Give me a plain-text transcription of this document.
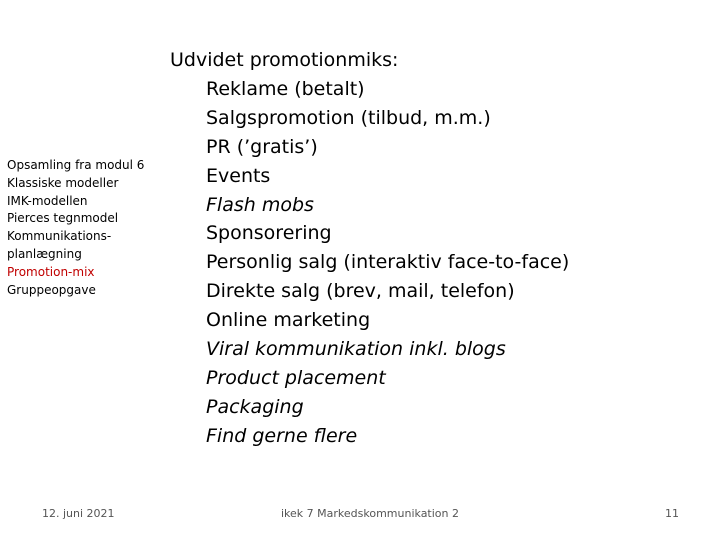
Opsamling fra modul 6
Klassiske modeller
IMK-modellen
Pierces tegnmodel
Kommunikations-
planlægning
Promotion-mix
Gruppeopgave
Udvidet promotionmiks:
Reklame (betalt)
Salgspromotion (tilbud, m.m.)
PR (’gratis’)
Events
Flash mobs
Sponsorering
Personlig salg (interaktiv face-to-face)
Direkte salg (brev, mail, telefon)
Online marketing
Viral kommunikation inkl. blogs
Product placement
Packaging
Find gerne flere
12. juni 2021	ikek 7 Markedskommunikation 2	11
